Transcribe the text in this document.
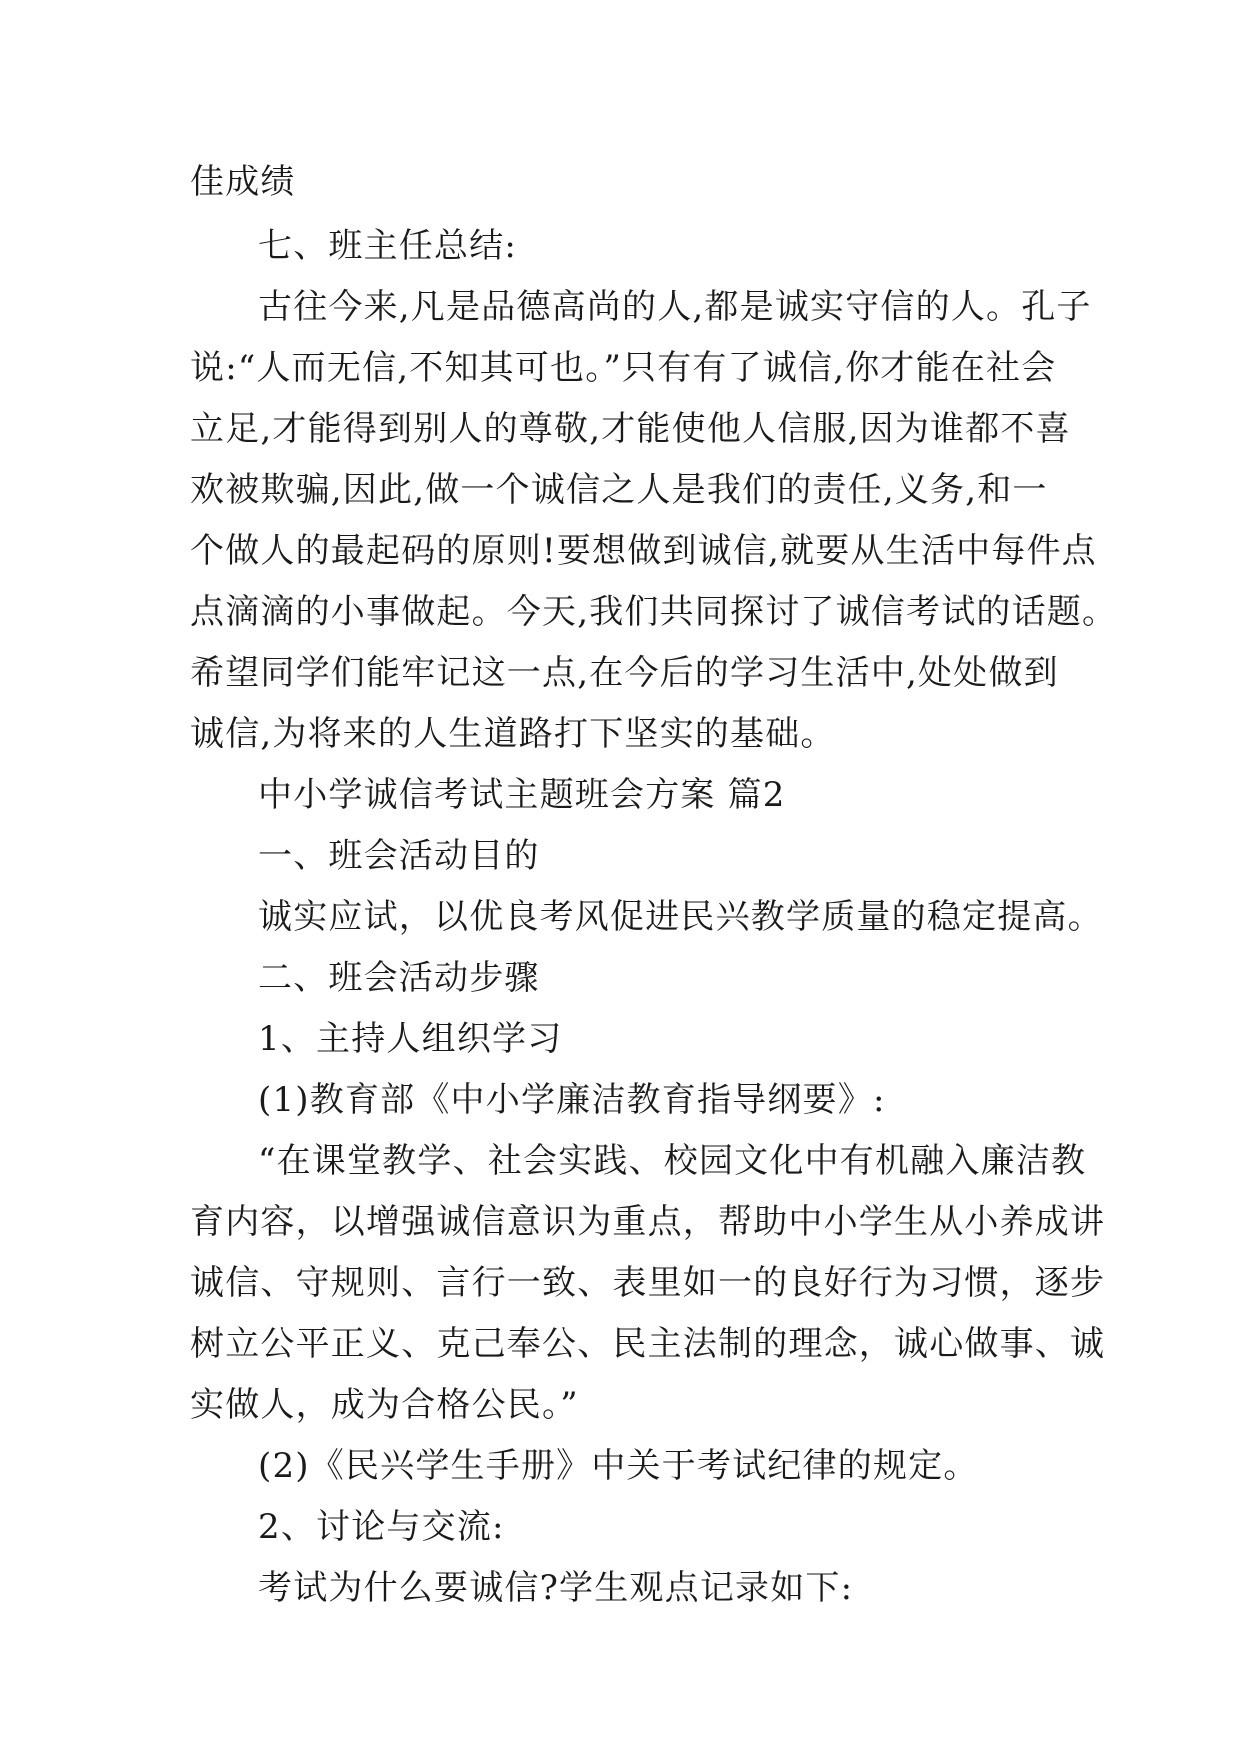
佳成绩
七、班主任总结:
古往今来,凡是品德高尚的人,都是诚实守信的人。孔子
说:“人而无信,不知其可也。”只有有了诚信,你才能在社会
立足,才能得到别人的尊敬,才能使他人信服,因为谁都不喜
欢被欺骗,因此,做一个诚信之人是我们的责任,义务,和一
个做人的最起码的原则!要想做到诚信,就要从生活中每件点
点滴滴的小事做起。今天,我们共同探讨了诚信考试的话题。
希望同学们能牢记这一点,在今后的学习生活中,处处做到
诚信,为将来的人生道路打下坚实的基础。
中小学诚信考试主题班会方案 篇2
一、班会活动目的
诚实应试，以优良考风促进民兴教学质量的稳定提高。
二、班会活动步骤
1、主持人组织学习
(1)教育部《中小学廉洁教育指导纲要》:
“在课堂教学、社会实践、校园文化中有机融入廉洁教
育内容，以增强诚信意识为重点，帮助中小学生从小养成讲
诚信、守规则、言行一致、表里如一的良好行为习惯，逐步
树立公平正义、克己奉公、民主法制的理念，诚心做事、诚
实做人，成为合格公民。”
(2)《民兴学生手册》中关于考试纪律的规定。
2、讨论与交流:
考试为什么要诚信?学生观点记录如下:
